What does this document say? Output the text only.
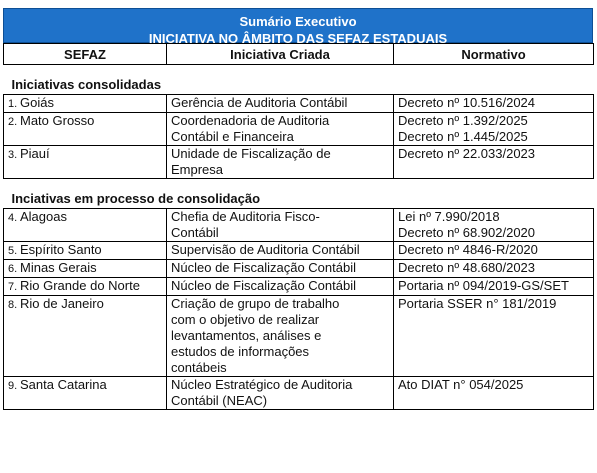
Sumário Executivo
INICIATIVA NO ÂMBITO DAS SEFAZ ESTADUAIS
SEFAZ	Iniciativa Criada	Normativo
Iniciativas consolidadas		
1. Goiás	Gerência de Auditoria Contábil	Decreto nº 10.516/2024

2. Mato Grosso	Coordenadoria de Auditoria
Contábil e Financeira	Decreto nº 1.392/2025
Decreto nº 1.445/2025

3. Piauí	Unidade de Fiscalização de
Empresa	Decreto nº 22.033/2023

Inciativas em processo de consolidação		
4. Alagoas	Chefia de Auditoria Fisco-
Contábil	Lei nº 7.990/2018
Decreto nº 68.902/2020

5. Espírito Santo	Supervisão de Auditoria Contábil	Decreto nº 4846-R/2020

6. Minas Gerais	Núcleo de Fiscalização Contábil	Decreto nº 48.680/2023

7. Rio Grande do Norte	Núcleo de Fiscalização Contábil	Portaria nº 094/2019-GS/SET

8. Rio de Janeiro	Criação de grupo de trabalho
com o objetivo de realizar
levantamentos, análises e
estudos de informações
contábeis	Portaria SSER n° 181/2019

9. Santa Catarina	Núcleo Estratégico de Auditoria
Contábil (NEAC)	Ato DIAT n° 054/2025
